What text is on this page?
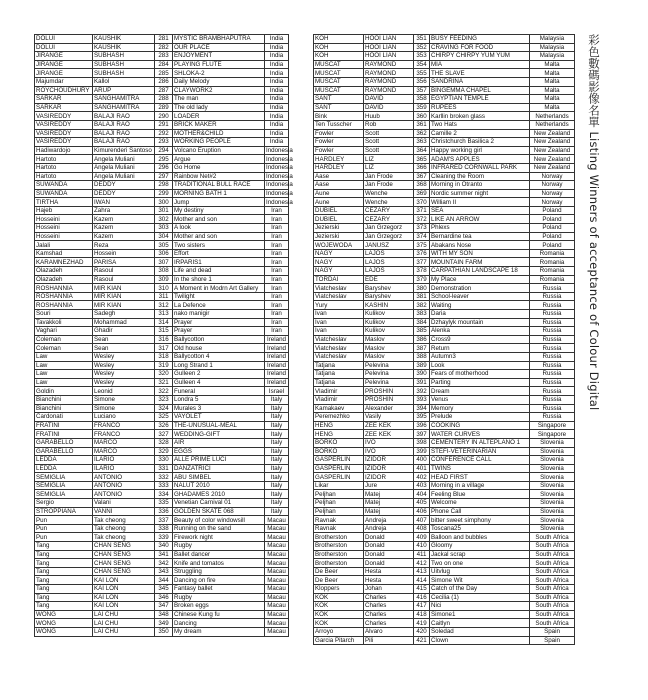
DOLUI	KAUSHIK	281	MYSTIC BRAMBHAPUTRA	India
DOLUI	KAUSHIK	282	OUR PLACE	India
JIRANGE	SUBHASH	283	ENJOYMENT	India
JIRANGE	SUBHASH	284	PLAYING FLUTE	India
JIRANGE	SUBHASH	285	SHLOKA-2	India
Majumdar	Kallol	286	Daily Melody	India
ROYCHOUDHURY	ARUP	287	CLAYWORK2	India
SARKAR	SANGHAMITRA	288	The man	India
SARKAR	SANGHAMITRA	289	The old lady	India
VASIREDDY	BALAJI RAO	290	LOADER	India
VASIREDDY	BALAJI RAO	291	BRICK MAKER	India
VASIREDDY	BALAJI RAO	292	MOTHER&CHILD	India
VASIREDDY	BALAJI RAO	293	WORKING PEOPLE	India
Hadiwardojo	Kimurenderi Santoso	294	Volcano Eruption	Indonesia
Hartoto	Angela Muliani	295	Argue	Indonesia
Hartoto	Angela Muliani	296	Go Home	Indonesia
Hartoto	Angela Muliani	297	Rainbow Net#2	Indonesia
SUWANDA	DEDDY	298	TRADITIONAL BULL RACE	Indonesia
SUWANDA	DEDDY	299	MORNING BATH 1	Indonesia
TIRTHA	IWAN	300	Jump	Indonesia
Hajeb	Zahra	301	My destiny	Iran
Hosseini	Kazem	302	Mother and son	Iran
Hosseini	Kazem	303	A look	Iran
Hosseini	Kazem	304	Mother and son	Iran
Jalali	Reza	305	Two sisters	Iran
Kamshad	Hossein	306	Effort	Iran
KARAMNEZHAD	PARISA	307	IRPARIS1	Iran
Olazadeh	Rasoul	308	Life and dead	Iran
Olazadeh	Rasoul	309	In the shore 1	Iran
ROSHANNIA	MIR KIAN	310	A Moment in Modrn Art Gallery	Iran
ROSHANNIA	MIR KIAN	311	Twilight	Iran
ROSHANNIA	MIR KIAN	312	La Defence	Iran
Souri	Sadegh	313	nako manigir	Iran
Tavakkoli	Mohammad	314	Prayer	Iran
Vaghari	Ghadir	315	Prayer	Iran
Coleman	Sean	316	Ballycotton	Ireland
Coleman	Sean	317	Old house	Ireland
Law	Wesley	318	Ballycotton 4	Ireland
Law	Wesley	319	Long Strand 1	Ireland
Law	Wesley	320	Gulleen 2	Ireland
Law	Wesley	321	Gulleen 4	Ireland
Goldin	Leonid	322	Funeral	Israel
Bianchini	Simone	323	Londra 5	Italy
Bianchini	Simone	324	Murales 3	Italy
Cardonati	Luciano	325	VAYOLET	Italy
FRATINI	FRANCO	326	THE-UNUSUAL-MEAL	Italy
FRATINI	FRANCO	327	WEDDING-GIFT	Italy
GARABELLO	MARCO	328	AIR	Italy
GARABELLO	MARCO	329	EGGS	Italy
LEDDA	ILARIO	330	ALLE PRIME LUCI	Italy
LEDDA	ILARIO	331	DANZATRICI	Italy
SEMIGLIA	ANTONIO	332	ABU SIMBEL	Italy
SEMIGLIA	ANTONIO	333	NALUT 2010	Italy
SEMIGLIA	ANTONIO	334	GHADAMES 2010	Italy
Sergio	Valani	335	Venetian Carnival 01	Italy
STROPPIANA	VANNI	336	GOLDEN SKATE 068	Italy
Pun	Tak cheong	337	Beauty of color windowsill	Macau
Pun	Tak cheong	338	Running on the sand	Macau
Pun	Tak cheong	339	Firework night	Macau
Tang	CHAN SENG	340	Rugby	Macau
Tang	CHAN SENG	341	Ballet dancer	Macau
Tang	CHAN SENG	342	Knife and tomatos	Macau
Tang	CHAN SENG	343	Struggling	Macau
Tang	KAI LON	344	Dancing on fire	Macau
Tang	KAI LON	345	Fantasy ballet	Macau
Tang	KAI LON	346	Rugby	Macau
Tang	KAI LON	347	Broken eggs	Macau
WONG	LAI CHU	348	Chinese Kung fu	Macau
WONG	LAI CHU	349	Dancing	Macau
WONG	LAI CHU	350	My dream	Macau
KOH	HOOI LIAN	351	BUSY FEEDING	Malaysia
KOH	HOOI LIAN	352	CRAVING FOR FOOD	Malaysia
KOH	HOOI LIAN	353	CHIRPY CHIRPY YUM YUM	Malaysia
MUSCAT	RAYMOND	354	MIA	Malta
MUSCAT	RAYMOND	355	THE SLAVE	Malta
MUSCAT	RAYMOND	356	SANDRINA	Malta
MUSCAT	RAYMOND	357	BINGEMMA CHAPEL	Malta
SANT	DAVID	358	EGYPTIAN TEMPLE	Malta
SANT	DAVID	359	RUPEES	Malta
Bink	Huub	360	Karllin broken glass	Netherlands
Ten Tusscher	Rob	361	Two Hats	Netherlands
Fowler	Scott	362	Camille 2	New Zealand
Fowler	Scott	363	Christchurch Basilica 2	New Zealand
Fowler	Scott	364	Happy working girl	New Zealand
HARDLEY	LIZ	365	ADAM'S APPLES	New Zealand
HARDLEY	LIZ	366	INFRARED CORNWALL PARK	New Zealand
Aase	Jan Frode	367	Cleaning the Room	Norway
Aase	Jan Frode	368	Morning in Otranto	Norway
Aune	Wenche	369	Nordic summer night	Norway
Aune	Wenche	370	William II	Norway
DUBIEL	CEZARY	371	SEA	Poland
DUBIEL	CEZARY	372	LIKE AN ARROW	Poland
Jezierski	Jan Grzegorz	373	Phlexs	Poland
Jezierski	Jan Grzegorz	374	Bernardine tea	Poland
WOJEWODA	JANUSZ	375	Abakans Nose	Poland
NAGY	LAJOS	376	WITH MY SON	Romania
NAGY	LAJOS	377	MOUNTAIN FARM	Romania
NAGY	LAJOS	378	CARPATHIAN LANDSCAPE 18	Romania
TORDAI	EDE	379	My Place	Romania
Viatcheslav	Baryshev	380	Demonstration	Russia
Viatcheslav	Baryshev	381	School-leaver	Russia
Yury	KASHIN	382	Waiting	Russia
Ivan	Kulikov	383	Daria	Russia
Ivan	Kulikov	384	Dzhaylyk mountain	Russia
Ivan	Kulikov	385	Alenka	Russia
Viatcheslav	Maslov	386	Cross9	Russia
Viatcheslav	Maslov	387	Return	Russia
Viatcheslav	Maslov	388	Autumn3	Russia
Tatjana	Pelevina	389	Look	Russia
Tatjana	Pelevina	390	Fears of motherhood	Russia
Tatjana	Pelevina	391	Parting	Russia
Vladimir	PROSHIN	392	Dream	Russia
Vladimir	PROSHIN	393	Venus	Russia
Kamakaev	Alexander	394	Memory	Russia
Peremezhko	Vasily	395	Prelude	Russia
HENG	ZEE KEK	396	COOKING	Singapore
HENG	ZEE KEK	397	WATER CURVES	Singapore
BORKO	IVO	398	CEMENTERY IN ALTEPLANO 1	Slovenia
BORKO	IVO	399	STEFI-VETERINARIAN	Slovenia
GASPERLIN	IZIDOR	400	CONFERENCE CALL	Slovenia
GASPERLIN	IZIDOR	401	TWINS	Slovenia
GASPERLIN	IZIDOR	402	HEAD FIRST	Slovenia
Likar	Jure	403	Morning in a village	Slovenia
Peljhan	Matej	404	Feeling Blue	Slovenia
Peljhan	Matej	405	Welcome	Slovenia
Peljhan	Matej	406	Phone Call	Slovenia
Ravnak	Andreja	407	bitter sweet simphony	Slovenia
Ravnak	Andreja	408	Toscana25	Slovenia
Brotherston	Donald	409	Balloon and bubbles	South Africa
Brotherston	Donald	410	Gloomy	South Africa
Brotherston	Donald	411	Jackal scrap	South Africa
Brotherston	Donald	412	Two on one	South Africa
De Beer	Hesta	413	Uitvlug	South Africa
De Beer	Hesta	414	Simone Wit	South Africa
Kloppers	Johan	415	Catch of the Day	South Africa
KOK	Charles	416	Cecilia (1)	South Africa
KOK	Charles	417	Nici	South Africa
KOK	Charles	418	Simone1	South Africa
KOK	Charles	419	Caitlyn	South Africa
Arroyo	Alvaro	420	Soledad	Spain
Garcia Pitarch	Pili	421	Clown	Spain
彩色數碼影像名單 Listing Winners of acceptance of Colour Digital
